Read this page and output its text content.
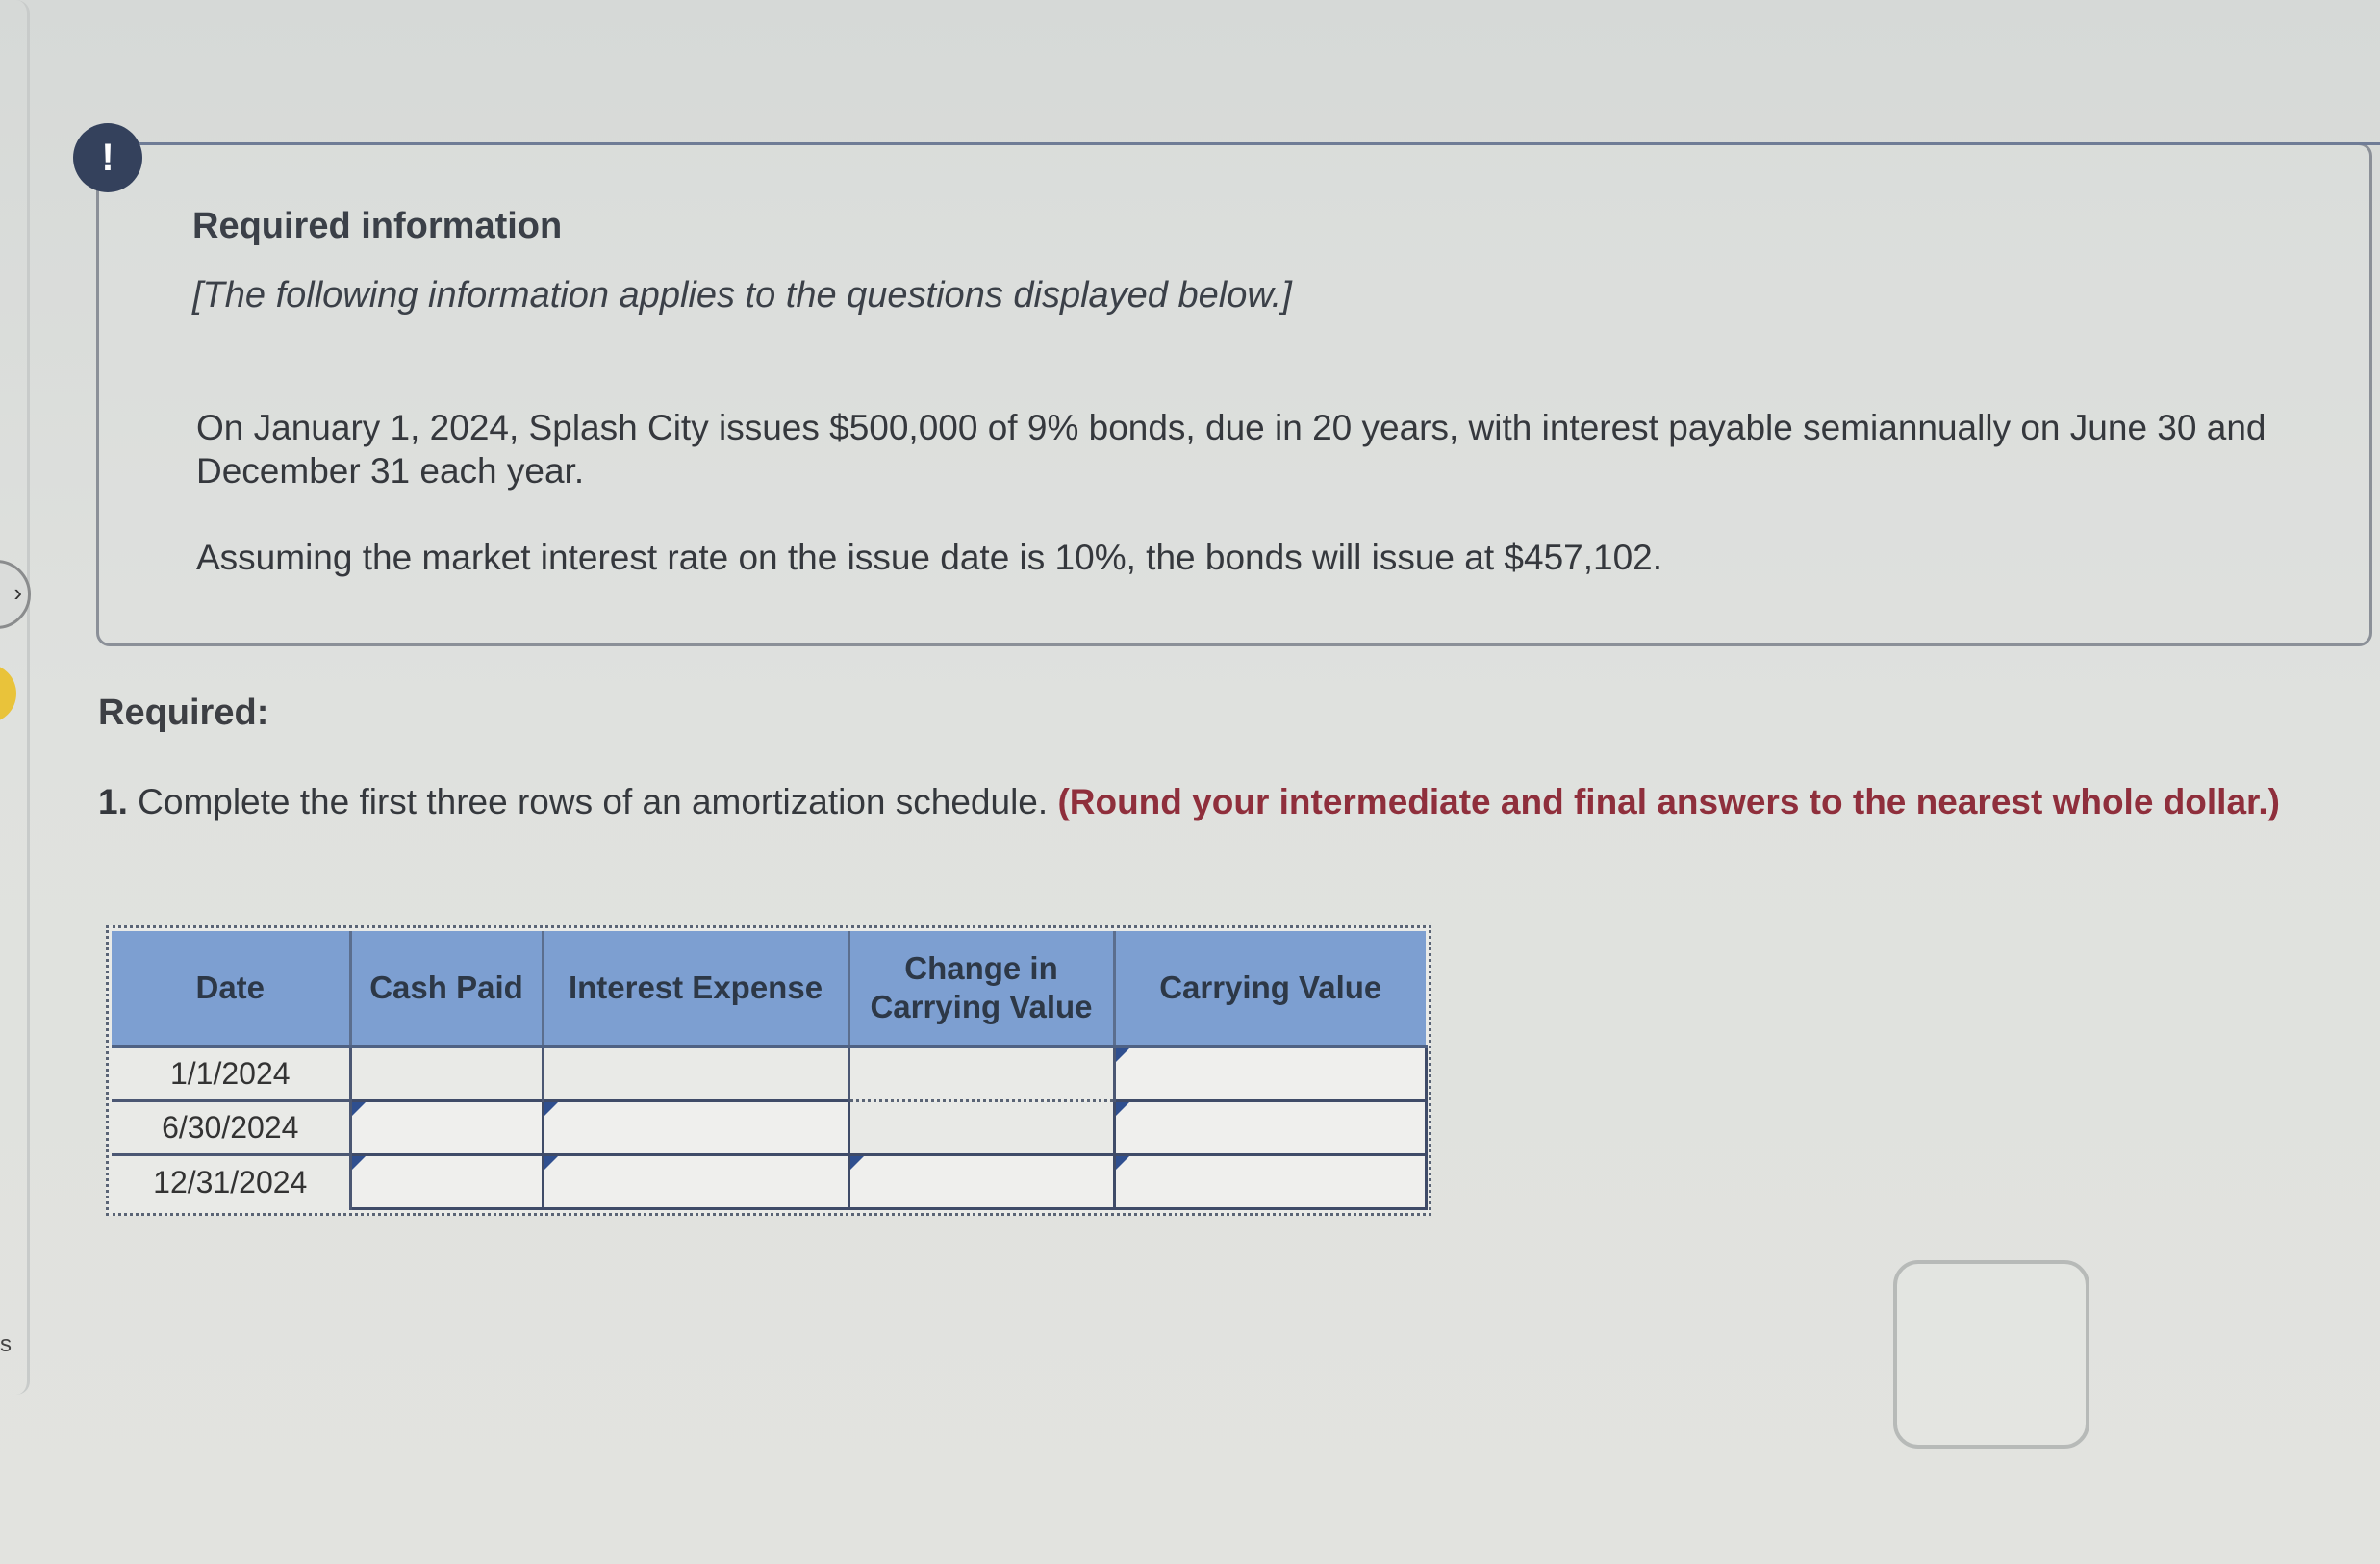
›
s
!
Required information
[The following information applies to the questions displayed below.]
On January 1, 2024, Splash City issues $500,000 of 9% bonds, due in 20 years, with interest payable semiannually on June 30 and December 31 each year.
Assuming the market interest rate on the issue date is 10%, the bonds will issue at $457,102.
Required:
1. Complete the first three rows of an amortization schedule. (Round your intermediate and final answers to the nearest whole dollar.)
Date	Cash Paid	Interest Expense	Change in Carrying Value	Carrying Value
1/1/2024				

6/30/2024	

12/31/2024	
